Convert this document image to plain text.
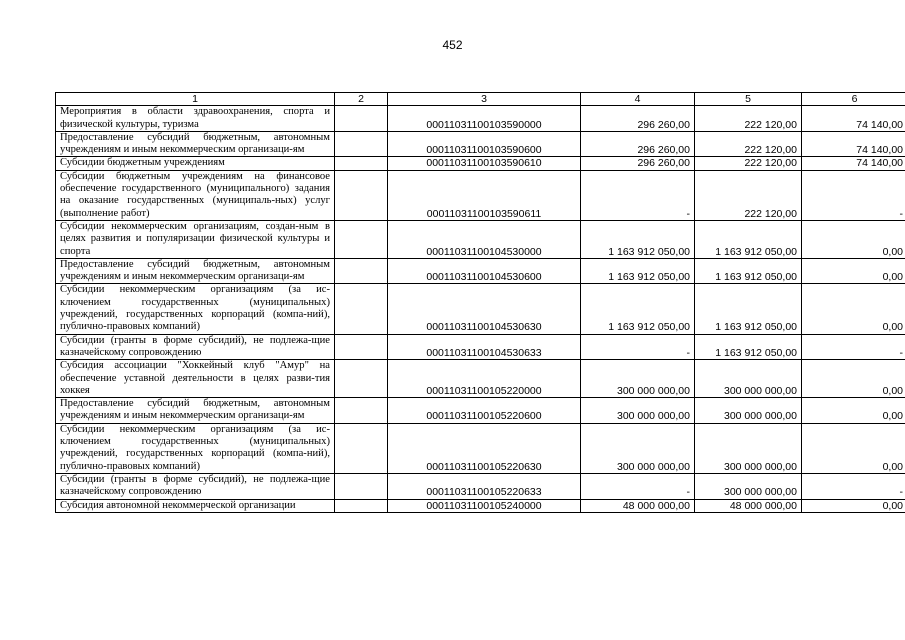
452
1	2	3	4	5	6
Мероприятия в области здравоохранения, спорта и физической культуры, туризма		00011031100103590000	296 260,00	222 120,00	74 140,00
Предоставление субсидий бюджетным, автономным учреждениям и иным некоммерческим организаци-ям		00011031100103590600	296 260,00	222 120,00	74 140,00
Субсидии бюджетным учреждениям		00011031100103590610	296 260,00	222 120,00	74 140,00
Субсидии бюджетным учреждениям на финансовое обеспечение государственного (муниципального) задания на оказание государственных (муниципаль-ных) услуг (выполнение работ)		00011031100103590611	-	222 120,00	-
Субсидии некоммерческим организациям, создан-ным в целях развития и популяризации физической культуры и спорта		00011031100104530000	1 163 912 050,00	1 163 912 050,00	0,00
Предоставление субсидий бюджетным, автономным учреждениям и иным некоммерческим организаци-ям		00011031100104530600	1 163 912 050,00	1 163 912 050,00	0,00
Субсидии некоммерческим организациям (за ис-ключением государственных (муниципальных) учреждений, государственных корпораций (компа-ний), публично-правовых компаний)		00011031100104530630	1 163 912 050,00	1 163 912 050,00	0,00
Субсидии (гранты в форме субсидий), не подлежа-щие казначейскому сопровождению		00011031100104530633	-	1 163 912 050,00	-
Субсидия ассоциации "Хоккейный клуб "Амур" на обеспечение уставной деятельности в целях разви-тия хоккея		00011031100105220000	300 000 000,00	300 000 000,00	0,00
Предоставление субсидий бюджетным, автономным учреждениям и иным некоммерческим организаци-ям		00011031100105220600	300 000 000,00	300 000 000,00	0,00
Субсидии некоммерческим организациям (за ис-ключением государственных (муниципальных) учреждений, государственных корпораций (компа-ний), публично-правовых компаний)		00011031100105220630	300 000 000,00	300 000 000,00	0,00
Субсидии (гранты в форме субсидий), не подлежа-щие казначейскому сопровождению		00011031100105220633	-	300 000 000,00	-
Субсидия автономной некоммерческой организации		00011031100105240000	48 000 000,00	48 000 000,00	0,00
